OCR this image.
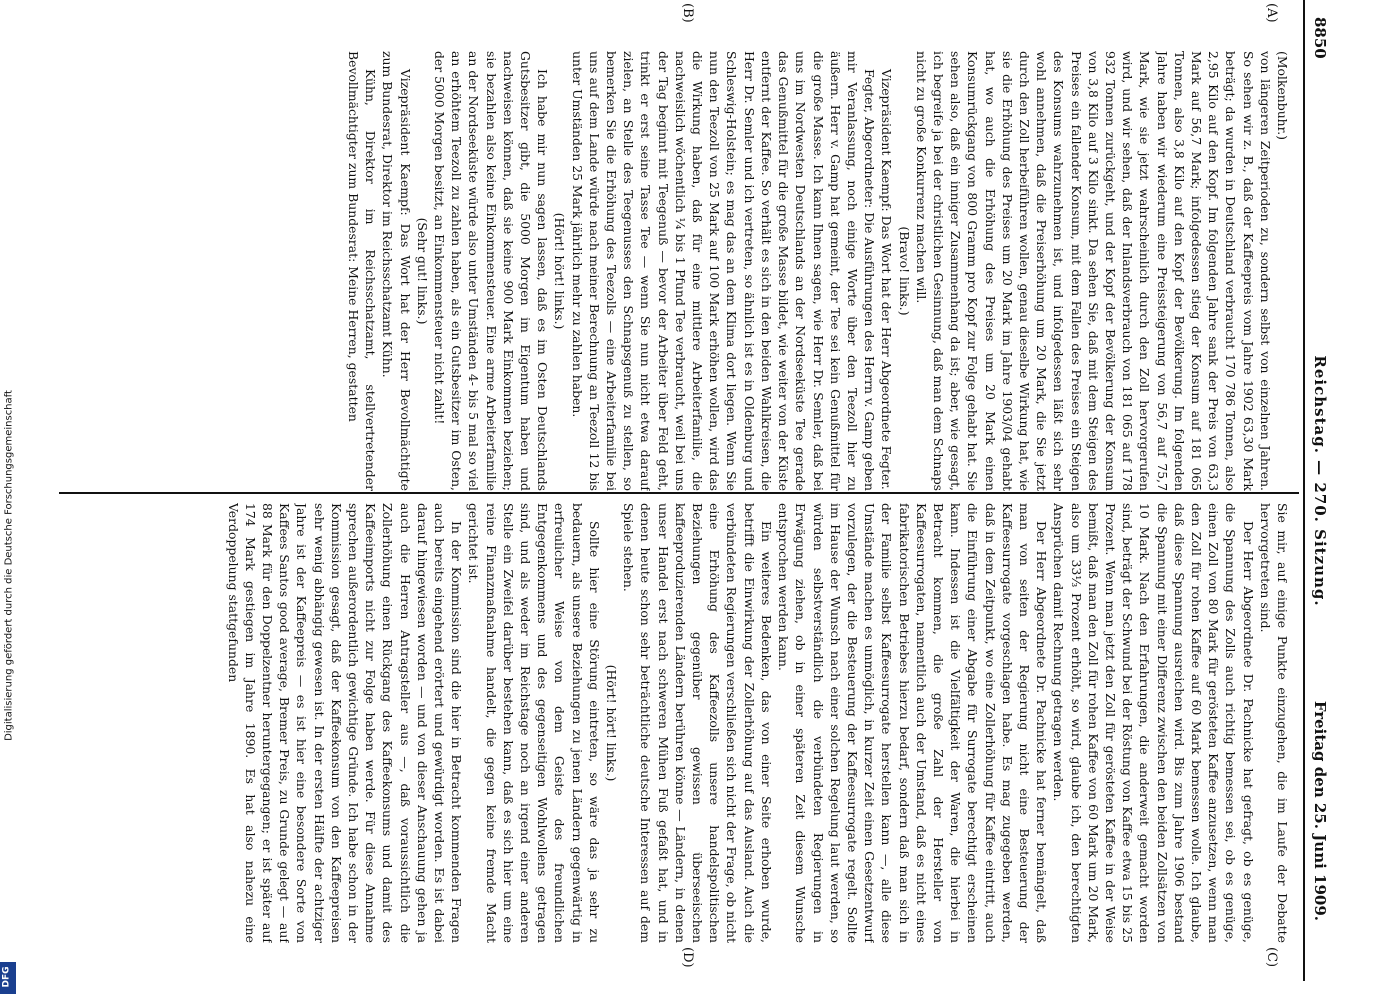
Digitalisierung gefördert durch die Deutsche Forschungsgemeinschaft
DFG
8850
Reichstag. — 270. Sitzung.
Freitag den 25. Juni 1909.
(A)
(B)
(C)
(D)

(Molkenbuhr.)

von längeren Zeitperioden zu, sondern selbst von einzelnen Jahren. So sehen wir z. B., daß der Kaffeepreis vom Jahre 1902 63,30 Mark beträgt; da wurden in Deutschland verbraucht 170 786 Tonnen, also 2,95 Kilo auf den Kopf. Im folgenden Jahre sank der Preis von 63,3 Mark auf 56,7 Mark; infolgedessen stieg der Konsum auf 181 065 Tonnen, also 3,8 Kilo auf den Kopf der Bevölkerung. Im folgenden Jahre haben wir wiederum eine Preissteigerung von 56,7 auf 75,7 Mark, wie sie jetzt wahrscheinlich durch den Zoll hervorgerufen wird, und wir sehen, daß der Inlandsverbrauch von 181 065 auf 178 932 Tonnen zurückgeht, und der Kopf der Bevölkerung der Konsum von 3,8 Kilo auf 3 Kilo sinkt. Da sehen Sie, daß mit dem Steigen des Preises ein fallender Konsum, mit dem Fallen des Preises ein Steigen des Konsums wahrzunehmen ist, und infolgedessen läßt sich sehr wohl annehmen, daß die Preiserhöhung um 20 Mark, die Sie jetzt durch den Zoll herbeiführen wollen, genau dieselbe Wirkung hat, wie sie die Erhöhung des Preises um 20 Mark im Jahre 1903/04 gehabt hat, wo auch die Erhöhung des Preises um 20 Mark einen Konsumrückgang von 800 Gramm pro Kopf zur Folge gehabt hat. Sie sehen also, daß ein inniger Zusammenhang da ist; aber, wie gesagt, ich begreife ja bei der christlichen Gesinnung, daß man dem Schnaps nicht zu große Konkurrenz machen will.

(Bravo! links.)

Vizepräsident Kaempf: Das Wort hat der Herr Abgeordnete Fegter.

Fegter, Abgeordneter: Die Ausführungen des Herrn v. Gamp geben mir Veranlassung, noch einige Worte über den Teezoll hier zu äußern. Herr v. Gamp hat gemeint, der Tee sei kein Genußmittel für die große Masse. Ich kann Ihnen sagen, wie Herr Dr. Semler, daß bei uns im Nordwesten Deutschlands an der Nordseeküste Tee gerade das Genußmittel für die große Masse bildet, wie weiter von der Küste entfernt der Kaffee. So verhält es sich in den beiden Wahlkreisen, die Herr Dr. Semler und ich vertreten, so ähnlich ist es in Oldenburg und Schleswig-Holstein; es mag das an dem Klima dort liegen. Wenn Sie nun den Teezoll von 25 Mark auf 100 Mark erhöhen wollen, wird das die Wirkung haben, daß für eine mittlere Arbeiterfamilie, die nachweislich wöchentlich ¼ bis 1 Pfund Tee verbraucht, weil bei uns der Tag beginnt mit Teegenuß — bevor der Arbeiter über Feld geht, trinkt er erst seine Tasse Tee — wenn Sie nun nicht etwa darauf zielen, an Stelle des Teegenusses den Schnapsgenuß zu stellen, so bemerken Sie die Erhöhung des Teezolls — eine Arbeiterfamilie bei uns auf dem Lande würde nach meiner Berechnung an Teezoll 12 bis unter Umständen 25 Mark jährlich mehr zu zahlen haben.

(Hört! hört! links.)

Ich habe mir nun sagen lassen, daß es im Osten Deutschlands Gutsbesitzer gibt, die 5000 Morgen im Eigentum haben und nachweisen können, daß sie keine 900 Mark Einkommen beziehen; sie bezahlen also keine Einkommensteuer. Eine arme Arbeiterfamilie an der Nordseeküste würde also unter Umständen 4- bis 5 mal so viel an erhöhtem Teezoll zu zahlen haben, als ein Gutsbesitzer im Osten, der 5000 Morgen besitzt, an Einkommensteuer nicht zahlt!

(Sehr gut! links.)

Vizepräsident Kaempf: Das Wort hat der Herr Bevollmächtigte zum Bundesrat, Direktor im Reichsschatzamt Kühn.

Kühn, Direktor im Reichsschatzamt, stellvertretender Bevollmächtigter zum Bundesrat: Meine Herren, gestatten

Sie mir, auf einige Punkte einzugehen, die im Laufe der Debatte hervorgetreten sind.

Der Herr Abgeordnete Dr. Pachnicke hat gefragt, ob es genüge, die Spannung des Zolls auch richtig bemessen sei, ob es genüge, einen Zoll von 80 Mark für gerösteten Kaffee anzusetzen, wenn man den Zoll für rohen Kaffee auf 60 Mark bemessen wolle. Ich glaube, daß diese Spannung ausreichen wird. Bis zum Jahre 1906 bestand die Spannung mit einer Differenz zwischen den beiden Zollsätzen von 10 Mark. Nach den Erfahrungen, die anderweit gemacht worden sind, beträgt der Schwund bei der Röstung von Kaffee etwa 15 bis 25 Prozent. Wenn man jetzt den Zoll für gerösteten Kaffee in der Weise bemißt, daß man den Zoll für rohen Kaffee von 60 Mark um 20 Mark, also um 33⅓ Prozent erhöht, so wird, glaube ich, den berechtigten Ansprüchen damit Rechnung getragen werden.

Der Herr Abgeordnete Dr. Pachnicke hat ferner bemängelt, daß man von seiten der Regierung nicht eine Besteuerung der Kaffeesurrogate vorgeschlagen habe. Es mag zugegeben werden, daß in dem Zeitpunkt, wo eine Zollerhöhung für Kaffee eintritt, auch die Einführung einer Abgabe für Surrogate berechtigt erscheinen kann. Indessen ist die Vielfältigkeit der Waren, die hierbei in Betracht kommen, die große Zahl der Hersteller von Kaffeesurrogaten, namentlich auch der Umstand, daß es nicht eines fabrikatorischen Betriebes hierzu bedarf, sondern daß man sich in der Familie selbst Kaffeesurrogate herstellen kann —, alle diese Umstände machen es unmöglich, in kurzer Zeit einen Gesetzentwurf vorzulegen, der die Besteuerung der Kaffeesurrogate regelt. Sollte im Hause der Wunsch nach einer solchen Regelung laut werden, so würden selbstverständlich die verbündeten Regierungen in Erwägung ziehen, ob in einer späteren Zeit diesem Wunsche entsprochen werden kann.

Ein weiteres Bedenken, das von einer Seite erhoben wurde, betrifft die Einwirkung der Zollerhöhung auf das Ausland. Auch die verbündeten Regierungen verschließen sich nicht der Frage, ob nicht eine Erhöhung des Kaffeezolls unsere handelspolitischen Beziehungen gegenüber gewissen überseeischen kaffeeproduzierenden Ländern berühren könne — Ländern, in denen unser Handel erst nach schweren Mühen Fuß gefaßt hat, und in denen heute schon sehr beträchtliche deutsche Interessen auf dem Spiele stehen.

(Hört! hört! links.)

Sollte hier eine Störung eintreten, so wäre das ja sehr zu bedauern, als unsere Beziehungen zu jenen Ländern gegenwärtig in erfreulicher Weise von dem Geiste des freundlichen Entgegenkommens und des gegenseitigen Wohlwollens getragen sind, und als weder im Reichstage noch an irgend einer anderen Stelle ein Zweifel darüber bestehen kann, daß es sich hier um eine reine Finanzmaßnahme handelt, die gegen keine fremde Macht gerichtet ist.

In der Kommission sind die hier in Betracht kommenden Fragen auch bereits eingehend erörtert und gewürdigt worden. Es ist dabei darauf hingewiesen worden — und von dieser Anschauung gehen ja auch die Herren Antragsteller aus —, daß voraussichtlich die Zollerhöhung einen Rückgang des Kaffeekonsums und damit des Kaffeeimports nicht zur Folge haben werde. Für diese Annahme sprechen außerordentlich gewichtige Gründe. Ich habe schon in der Kommission gesagt, daß der Kaffeekonsum von den Kaffeepreisen sehr wenig abhängig gewesen ist. In der ersten Hälfte der achtziger Jahre ist der Kaffeepreis — es ist hier eine besondere Sorte von Kaffees Santos good average, Bremer Preis, zu Grunde gelegt — auf 88 Mark für den Doppelzentner heruntergegangen; er ist später auf 174 Mark gestiegen im Jahre 1890. Es hat also nahezu eine Verdoppelung stattgefunden
